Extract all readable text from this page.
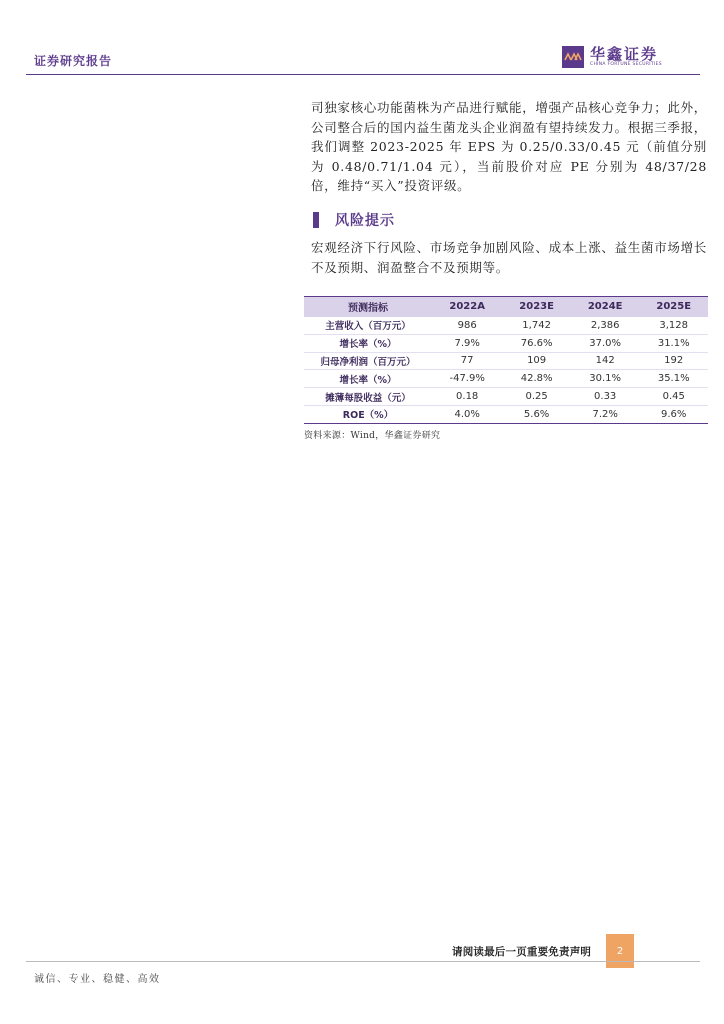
证券研究报告	华鑫证券
CHINA FORTUNE SECURITIES

司独家核心功能菌株为产品进行赋能，增强产品核心竞争力；此外，公司整合后的国内益生菌龙头企业润盈有望持续发力。根据三季报，我们调整 2023-2025 年 EPS 为 0.25/0.33/0.45 元（前值分别为 0.48/0.71/1.04 元），当前股价对应 PE 分别为 48/37/28 倍，维持“买入”投资评级。

风险提示

宏观经济下行风险、市场竞争加剧风险、成本上涨、益生菌市场增长不及预期、润盈整合不及预期等。

预测指标	2022A	2023E	2024E	2025E
主营收入（百万元）	986	1,742	2,386	3,128
增长率（%）	7.9%	76.6%	37.0%	31.1%
归母净利润（百万元）	77	109	142	192
增长率（%）	-47.9%	42.8%	30.1%	35.1%
摊薄每股收益（元）	0.18	0.25	0.33	0.45
ROE（%）	4.0%	5.6%	7.2%	9.6%
资料来源：Wind，华鑫证券研究
请阅读最后一页重要免责声明	2
诚信、专业、稳健、高效
